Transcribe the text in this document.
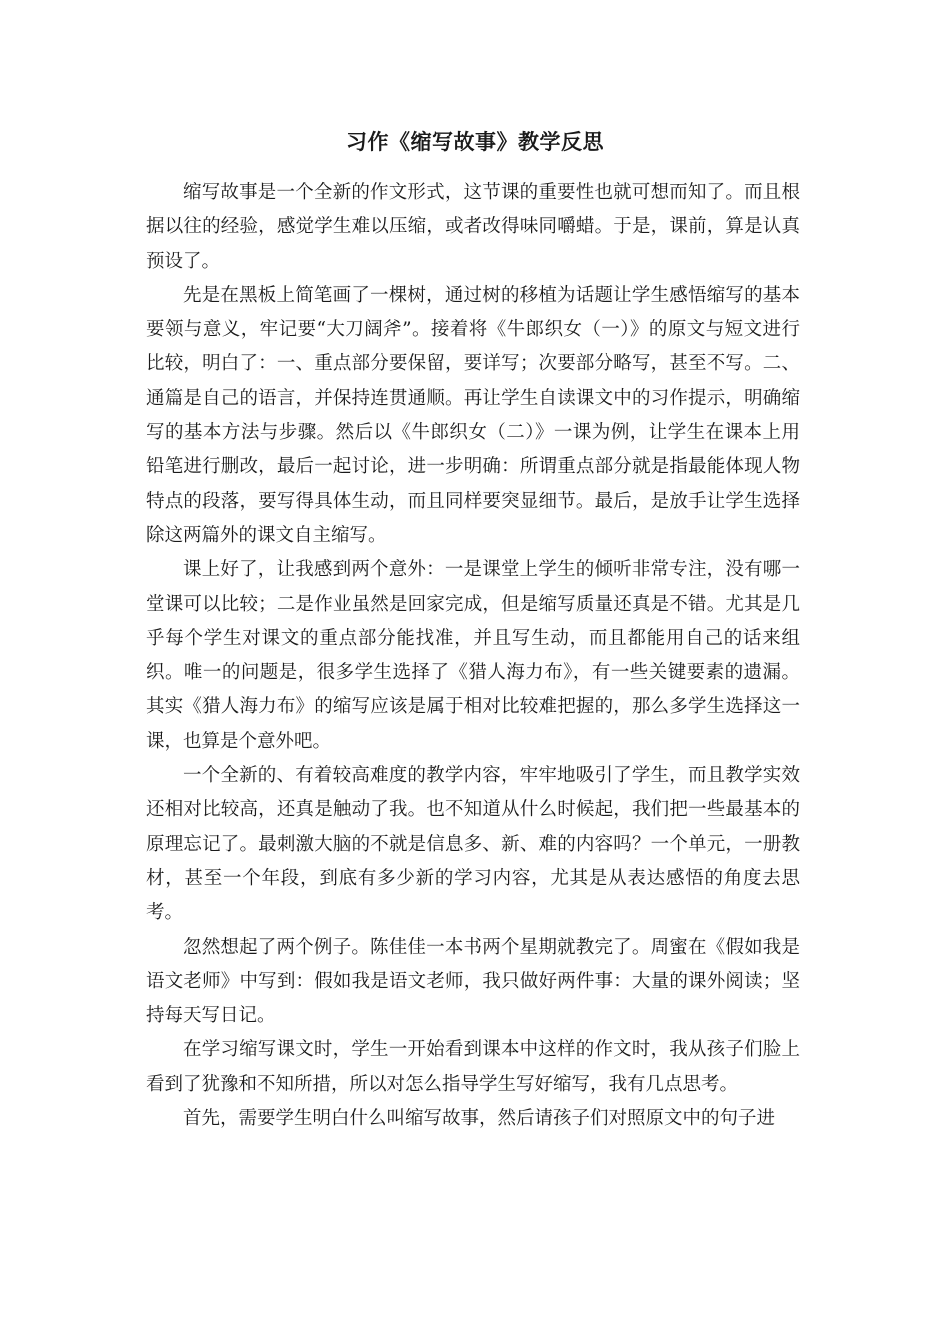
习作《缩写故事》教学反思

缩写故事是一个全新的作文形式，这节课的重要性也就可想而知了。而且根据以往的经验，感觉学生难以压缩，或者改得味同嚼蜡。于是，课前，算是认真预设了。

先是在黑板上简笔画了一棵树，通过树的移植为话题让学生感悟缩写的基本要领与意义，牢记要“大刀阔斧”。接着将《牛郎织女（一）》的原文与短文进行比较，明白了：一、重点部分要保留，要详写；次要部分略写，甚至不写。二、通篇是自己的语言，并保持连贯通顺。再让学生自读课文中的习作提示，明确缩写的基本方法与步骤。然后以《牛郎织女（二）》一课为例，让学生在课本上用铅笔进行删改，最后一起讨论，进一步明确：所谓重点部分就是指最能体现人物特点的段落，要写得具体生动，而且同样要突显细节。最后，是放手让学生选择除这两篇外的课文自主缩写。

课上好了，让我感到两个意外：一是课堂上学生的倾听非常专注，没有哪一堂课可以比较；二是作业虽然是回家完成，但是缩写质量还真是不错。尤其是几乎每个学生对课文的重点部分能找准，并且写生动，而且都能用自己的话来组织。唯一的问题是，很多学生选择了《猎人海力布》，有一些关键要素的遗漏。其实《猎人海力布》的缩写应该是属于相对比较难把握的，那么多学生选择这一课，也算是个意外吧。

一个全新的、有着较高难度的教学内容，牢牢地吸引了学生，而且教学实效还相对比较高，还真是触动了我。也不知道从什么时候起，我们把一些最基本的原理忘记了。最刺激大脑的不就是信息多、新、难的内容吗？一个单元，一册教材，甚至一个年段，到底有多少新的学习内容，尤其是从表达感悟的角度去思考。

忽然想起了两个例子。陈佳佳一本书两个星期就教完了。周蜜在《假如我是语文老师》中写到：假如我是语文老师，我只做好两件事：大量的课外阅读；坚持每天写日记。

在学习缩写课文时，学生一开始看到课本中这样的作文时，我从孩子们脸上看到了犹豫和不知所措，所以对怎么指导学生写好缩写，我有几点思考。

首先，需要学生明白什么叫缩写故事，然后请孩子们对照原文中的句子进
